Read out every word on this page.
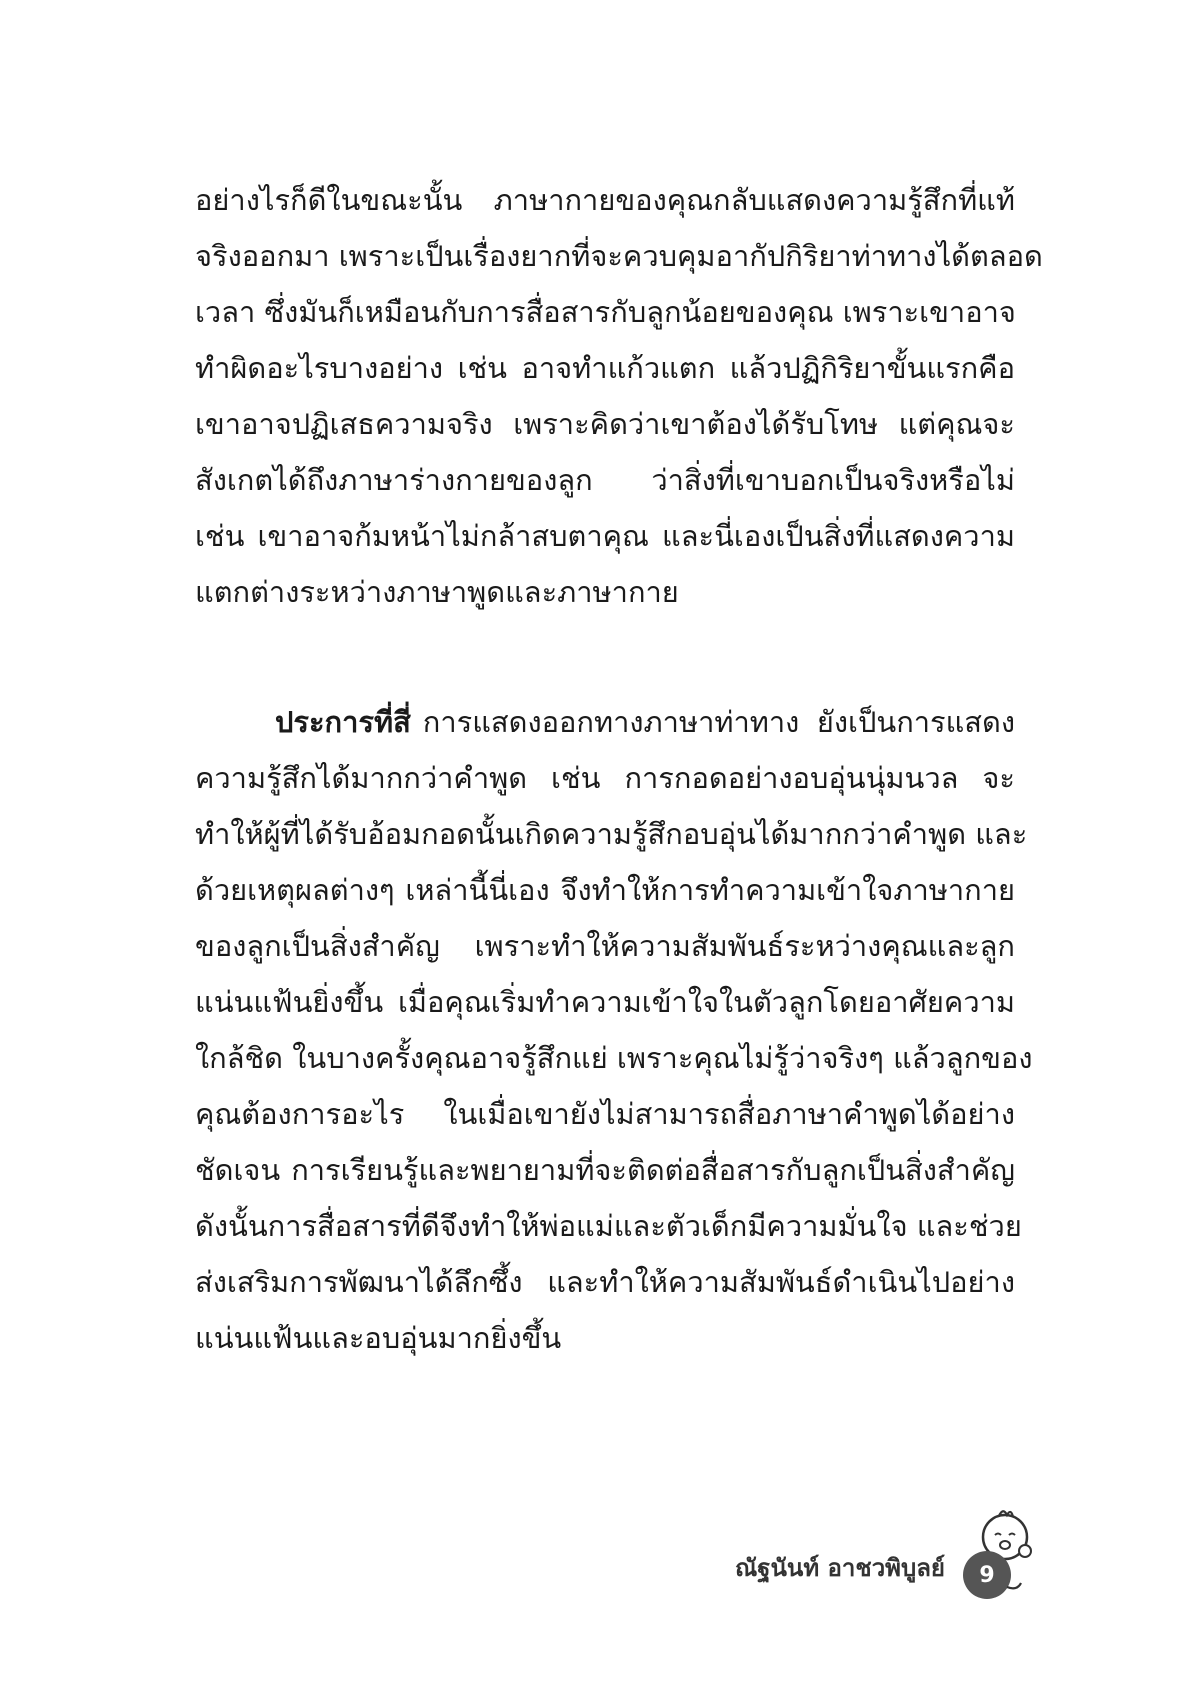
อย่างไรก็ดีในขณะนั้น ภาษากายของคุณกลับแสดงความรู้สึกที่แท้
จริงออกมา เพราะเป็นเรื่องยากที่จะควบคุมอากัปกิริยาท่าทางได้ตลอด
เวลา ซึ่งมันก็เหมือนกับการสื่อสารกับลูกน้อยของคุณ เพราะเขาอาจ
ทำผิดอะไรบางอย่าง เช่น อาจทำแก้วแตก แล้วปฏิกิริยาขั้นแรกคือ
เขาอาจปฏิเสธความจริง เพราะคิดว่าเขาต้องได้รับโทษ แต่คุณจะ
สังเกตได้ถึงภาษาร่างกายของลูก ว่าสิ่งที่เขาบอกเป็นจริงหรือไม่
เช่น เขาอาจก้มหน้าไม่กล้าสบตาคุณ และนี่เองเป็นสิ่งที่แสดงความ
แตกต่างระหว่างภาษาพูดและภาษากาย
ประการที่สี่ การแสดงออกทางภาษาท่าทาง ยังเป็นการแสดง
ความรู้สึกได้มากกว่าคำพูด เช่น การกอดอย่างอบอุ่นนุ่มนวล จะ
ทำให้ผู้ที่ได้รับอ้อมกอดนั้นเกิดความรู้สึกอบอุ่นได้มากกว่าคำพูด และ
ด้วยเหตุผลต่างๆ เหล่านี้นี่เอง จึงทำให้การทำความเข้าใจภาษากาย
ของลูกเป็นสิ่งสำคัญ เพราะทำให้ความสัมพันธ์ระหว่างคุณและลูก
แน่นแฟ้นยิ่งขึ้น เมื่อคุณเริ่มทำความเข้าใจในตัวลูกโดยอาศัยความ
ใกล้ชิด ในบางครั้งคุณอาจรู้สึกแย่ เพราะคุณไม่รู้ว่าจริงๆ แล้วลูกของ
คุณต้องการอะไร ในเมื่อเขายังไม่สามารถสื่อภาษาคำพูดได้อย่าง
ชัดเจน การเรียนรู้และพยายามที่จะติดต่อสื่อสารกับลูกเป็นสิ่งสำคัญ
ดังนั้นการสื่อสารที่ดีจึงทำให้พ่อแม่และตัวเด็กมีความมั่นใจ และช่วย
ส่งเสริมการพัฒนาได้ลึกซึ้ง และทำให้ความสัมพันธ์ดำเนินไปอย่าง
แน่นแฟ้นและอบอุ่นมากยิ่งขึ้น
ณัฐนันท์ อาชวพิบูลย์	9
